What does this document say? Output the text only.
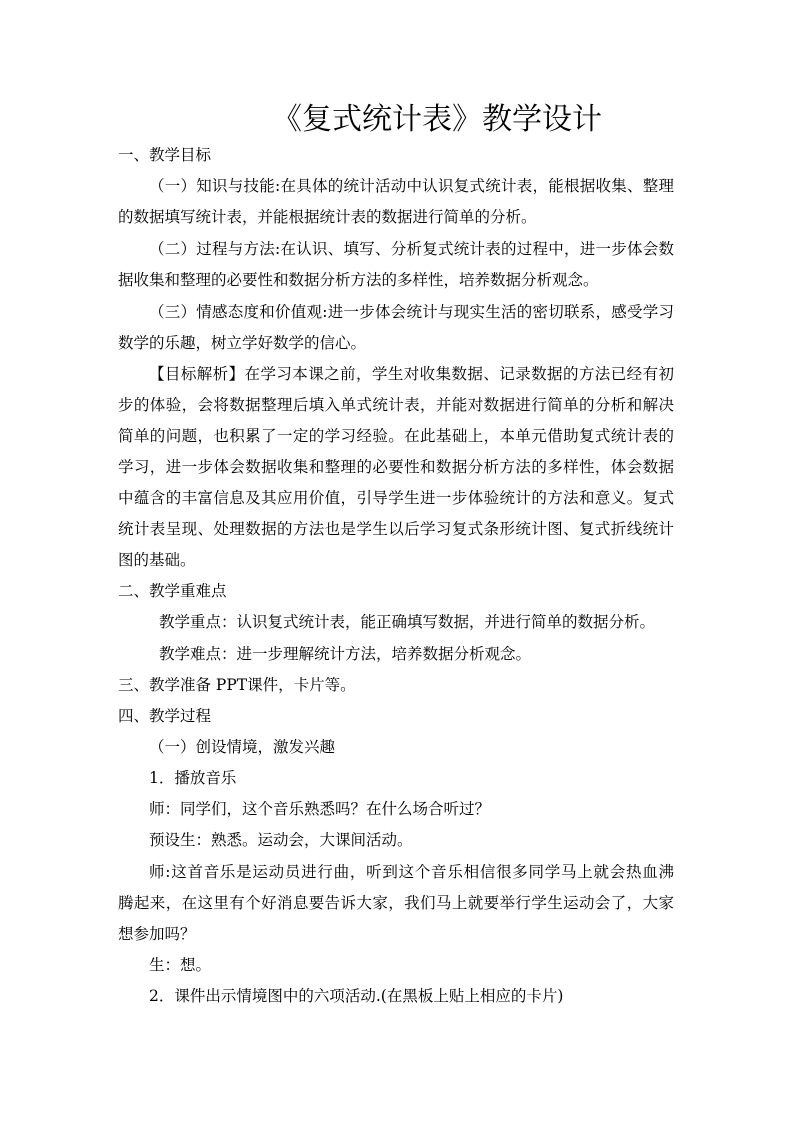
《复式统计表》教学设计
一、教学目标
（一）知识与技能:在具体的统计活动中认识复式统计表，能根据收集、整理
的数据填写统计表，并能根据统计表的数据进行简单的分析。
（二）过程与方法:在认识、填写、分析复式统计表的过程中，进一步体会数
据收集和整理的必要性和数据分析方法的多样性，培养数据分析观念。
（三）情感态度和价值观:进一步体会统计与现实生活的密切联系，感受学习
数学的乐趣，树立学好数学的信心。
【目标解析】在学习本课之前，学生对收集数据、记录数据的方法已经有初
步的体验，会将数据整理后填入单式统计表，并能对数据进行简单的分析和解决
简单的问题，也积累了一定的学习经验。在此基础上，本单元借助复式统计表的
学习，进一步体会数据收集和整理的必要性和数据分析方法的多样性，体会数据
中蕴含的丰富信息及其应用价值，引导学生进一步体验统计的方法和意义。复式
统计表呈现、处理数据的方法也是学生以后学习复式条形统计图、复式折线统计
图的基础。
二、教学重难点
教学重点：认识复式统计表，能正确填写数据，并进行简单的数据分析。
教学难点：进一步理解统计方法，培养数据分析观念。
三、教学准备 PPT课件，卡片等。
四、教学过程
（一）创设情境，激发兴趣
1．播放音乐
师：同学们，这个音乐熟悉吗？在什么场合听过？
预设生：熟悉。运动会，大课间活动。
师:这首音乐是运动员进行曲，听到这个音乐相信很多同学马上就会热血沸
腾起来，在这里有个好消息要告诉大家，我们马上就要举行学生运动会了，大家
想参加吗？
生：想。
2．课件出示情境图中的六项活动.(在黑板上贴上相应的卡片)
